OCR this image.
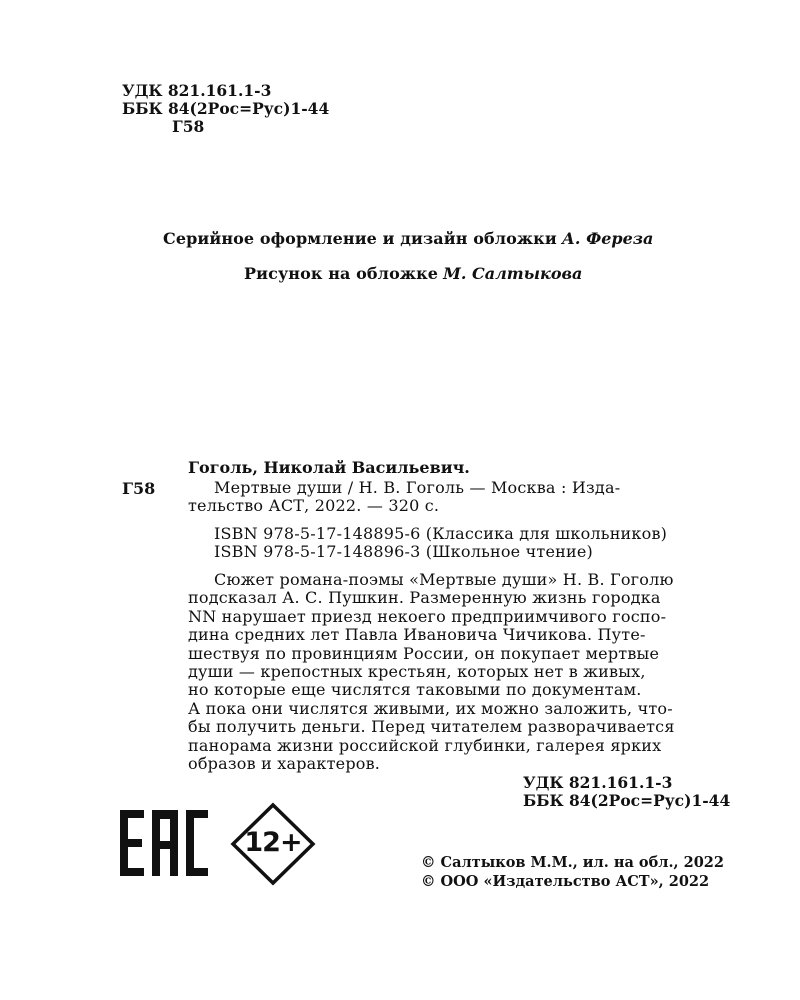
УДК 821.161.1-3
ББК 84(2Рос=Рус)1-44
Г58
Серийное оформление и дизайн обложки А. Фереза
Рисунок на обложке М. Салтыкова
Гоголь, Николай Васильевич.
Г58	Мертвые души / Н. В. Гоголь — Москва : Изда-
тельство АСТ, 2022. — 320 с.
ISBN 978-5-17-148895-6 (Классика для школьников)
ISBN 978-5-17-148896-3 (Школьное чтение)
Сюжет романа-поэмы «Мертвые души» Н. В. Гоголю
подсказал А. С. Пушкин. Размеренную жизнь городка
NN нарушает приезд некоего предприимчивого госпо-
дина средних лет Павла Ивановича Чичикова. Путе-
шествуя по провинциям России, он покупает мертвые
души — крепостных крестьян, которых нет в живых,
но которые еще числятся таковыми по документам.
А пока они числятся живыми, их можно заложить, что-
бы получить деньги. Перед читателем разворачивается
панорама жизни российской глубинки, галерея ярких
образов и характеров.
УДК 821.161.1-3
ББК 84(2Рос=Рус)1-44
12+
© Салтыков М.М., ил. на обл., 2022
© ООО «Издательство АСТ», 2022
